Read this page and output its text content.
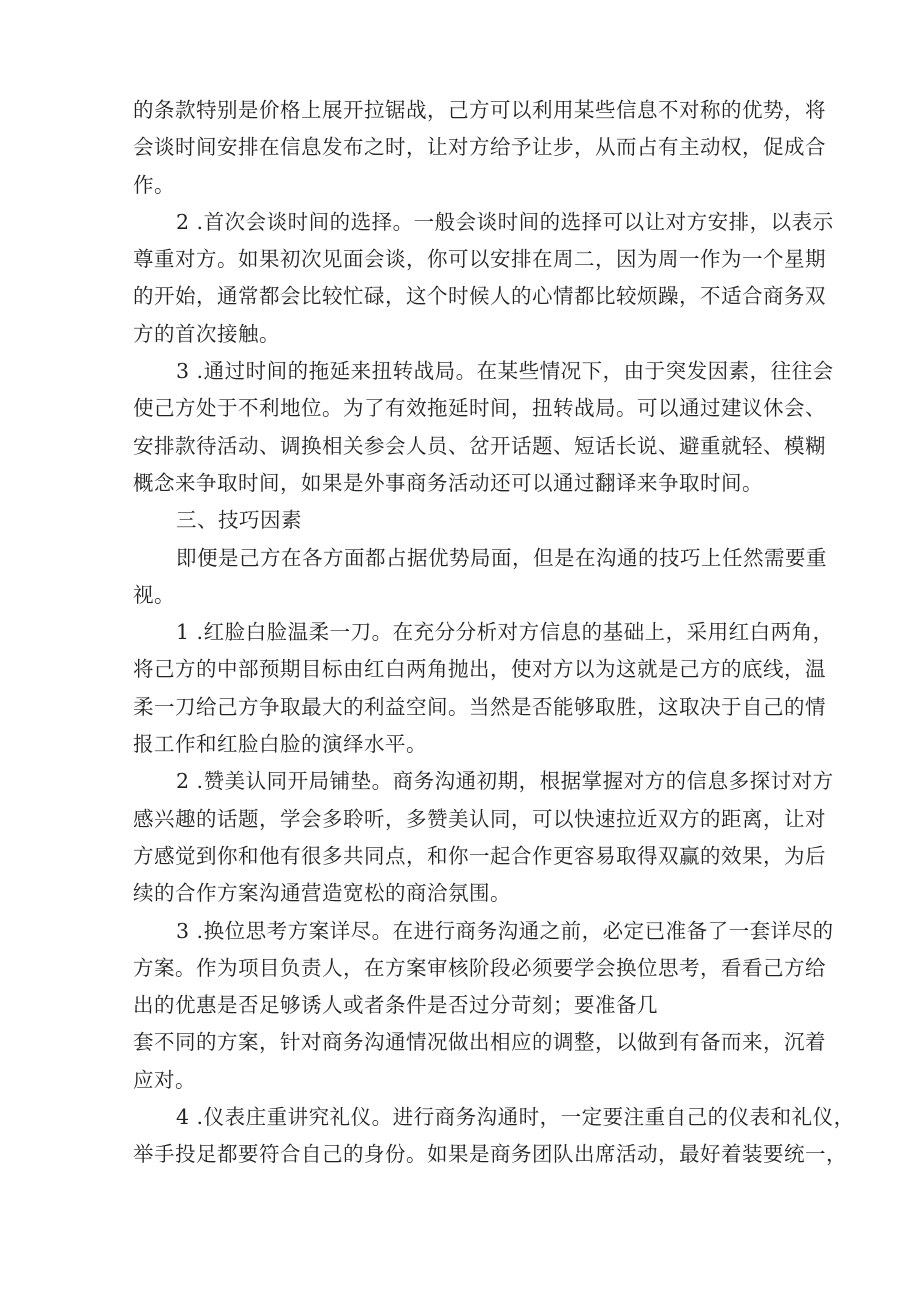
的条款特别是价格上展开拉锯战，己方可以利用某些信息不对称的优势，将
会谈时间安排在信息发布之时，让对方给予让步，从而占有主动权，促成合
作。
2 .首次会谈时间的选择。一般会谈时间的选择可以让对方安排，以表示
尊重对方。如果初次见面会谈，你可以安排在周二，因为周一作为一个星期
的开始，通常都会比较忙碌，这个时候人的心情都比较烦躁，不适合商务双
方的首次接触。
3 .通过时间的拖延来扭转战局。在某些情况下，由于突发因素，往往会
使己方处于不利地位。为了有效拖延时间，扭转战局。可以通过建议休会、
安排款待活动、调换相关参会人员、岔开话题、短话长说、避重就轻、模糊
概念来争取时间，如果是外事商务活动还可以通过翻译来争取时间。
三、技巧因素
即便是己方在各方面都占据优势局面，但是在沟通的技巧上任然需要重
视。
1 .红脸白脸温柔一刀。在充分分析对方信息的基础上，采用红白两角，
将己方的中部预期目标由红白两角抛出，使对方以为这就是己方的底线，温
柔一刀给己方争取最大的利益空间。当然是否能够取胜，这取决于自己的情
报工作和红脸白脸的演绎水平。
2 .赞美认同开局铺垫。商务沟通初期，根据掌握对方的信息多探讨对方
感兴趣的话题，学会多聆听，多赞美认同，可以快速拉近双方的距离，让对
方感觉到你和他有很多共同点，和你一起合作更容易取得双赢的效果，为后
续的合作方案沟通营造宽松的商洽氛围。
3 .换位思考方案详尽。在进行商务沟通之前，必定已准备了一套详尽的
方案。作为项目负责人，在方案审核阶段必须要学会换位思考，看看己方给
出的优惠是否足够诱人或者条件是否过分苛刻；要准备几
套不同的方案，针对商务沟通情况做出相应的调整，以做到有备而来，沉着
应对。
4 .仪表庄重讲究礼仪。进行商务沟通时，一定要注重自己的仪表和礼仪，
举手投足都要符合自己的身份。如果是商务团队出席活动，最好着装要统一，
